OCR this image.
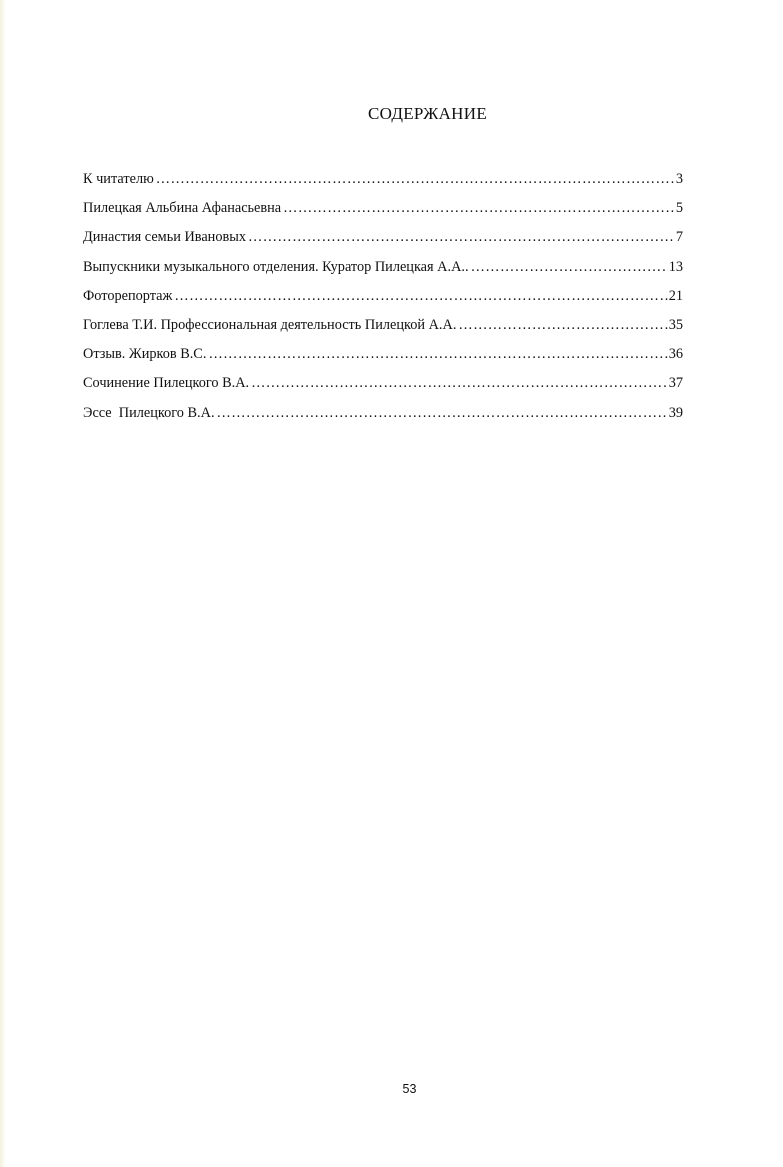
СОДЕРЖАНИЕ
К читателю ………………………………………………………………………………………………………………………………………………………………	3
Пилецкая Альбина Афанасьевна ………………………………………………………………………………………………………………………………………………………………	5
Династия семьи Ивановых ………………………………………………………………………………………………………………………………………………………………	7
Выпускники музыкального отделения. Куратор Пилецкая А.А.. ………………………………………………………………………………………………………………………………………………………………	13
Фоторепортаж ………………………………………………………………………………………………………………………………………………………………	21
Гоглева Т.И. Профессиональная деятельность Пилецкой А.А. ………………………………………………………………………………………………………………………………………………………………	35
Отзыв. Жирков В.С. ………………………………………………………………………………………………………………………………………………………………	36
Сочинение Пилецкого В.А. ………………………………………………………………………………………………………………………………………………………………	37
Эссе  Пилецкого В.А. ………………………………………………………………………………………………………………………………………………………………	39
53
